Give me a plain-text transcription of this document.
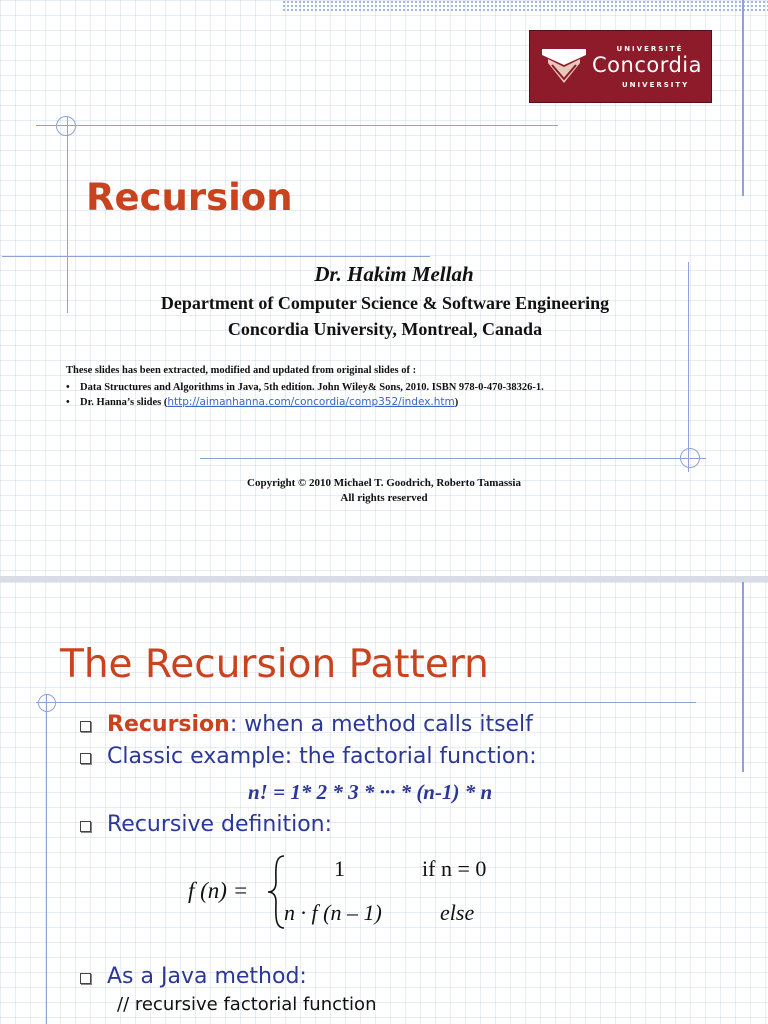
UNIVERSITÉ
Concordia
UNIVERSITY
Recursion
Dr. Hakim Mellah
Department of Computer Science & Software Engineering
Concordia University, Montreal, Canada
These slides has been extracted, modified and updated from original slides of :
• Data Structures and Algorithms in Java, 5th edition. John Wiley& Sons, 2010. ISBN 978-0-470-38326-1.
• Dr. Hanna’s slides (http://aimanhanna.com/concordia/comp352/index.htm)
Copyright © 2010 Michael T. Goodrich, Roberto Tamassia
All rights reserved
The Recursion Pattern
Recursion: when a method calls itself
Classic example: the factorial function:
n! = 1* 2 * 3 * ··· * (n-1) * n
Recursive definition:
f (n) =
1	if n = 0
n · f (n – 1)	else
As a Java method:
// recursive factorial function
